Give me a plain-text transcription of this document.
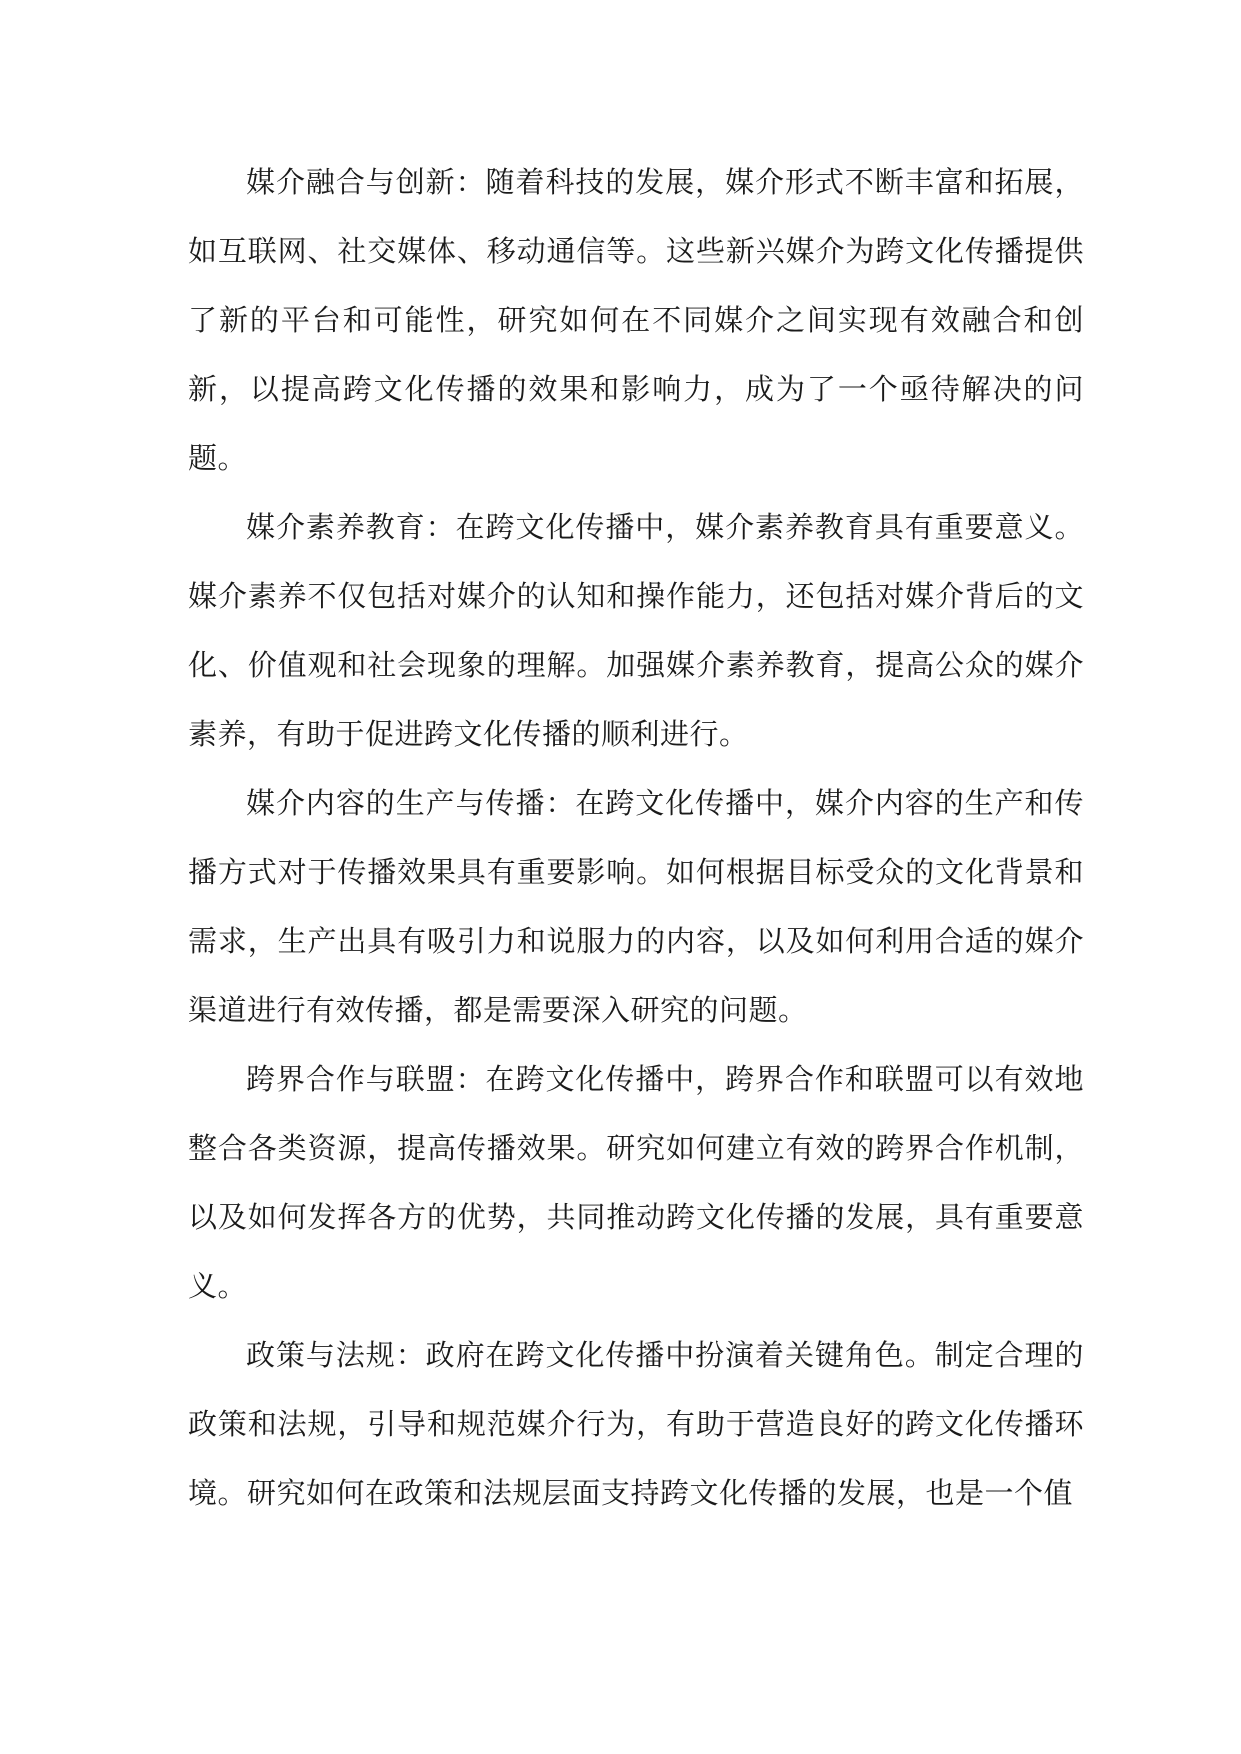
媒介融合与创新：随着科技的发展，媒介形式不断丰富和拓展，如互联网、社交媒体、移动通信等。这些新兴媒介为跨文化传播提供了新的平台和可能性，研究如何在不同媒介之间实现有效融合和创新，以提高跨文化传播的效果和影响力，成为了一个亟待解决的问题。

媒介素养教育：在跨文化传播中，媒介素养教育具有重要意义。媒介素养不仅包括对媒介的认知和操作能力，还包括对媒介背后的文化、价值观和社会现象的理解。加强媒介素养教育，提高公众的媒介素养，有助于促进跨文化传播的顺利进行。

媒介内容的生产与传播：在跨文化传播中，媒介内容的生产和传播方式对于传播效果具有重要影响。如何根据目标受众的文化背景和需求，生产出具有吸引力和说服力的内容，以及如何利用合适的媒介渠道进行有效传播，都是需要深入研究的问题。

跨界合作与联盟：在跨文化传播中，跨界合作和联盟可以有效地整合各类资源，提高传播效果。研究如何建立有效的跨界合作机制，以及如何发挥各方的优势，共同推动跨文化传播的发展，具有重要意义。

政策与法规：政府在跨文化传播中扮演着关键角色。制定合理的政策和法规，引导和规范媒介行为，有助于营造良好的跨文化传播环境。研究如何在政策和法规层面支持跨文化传播的发展，也是一个值
